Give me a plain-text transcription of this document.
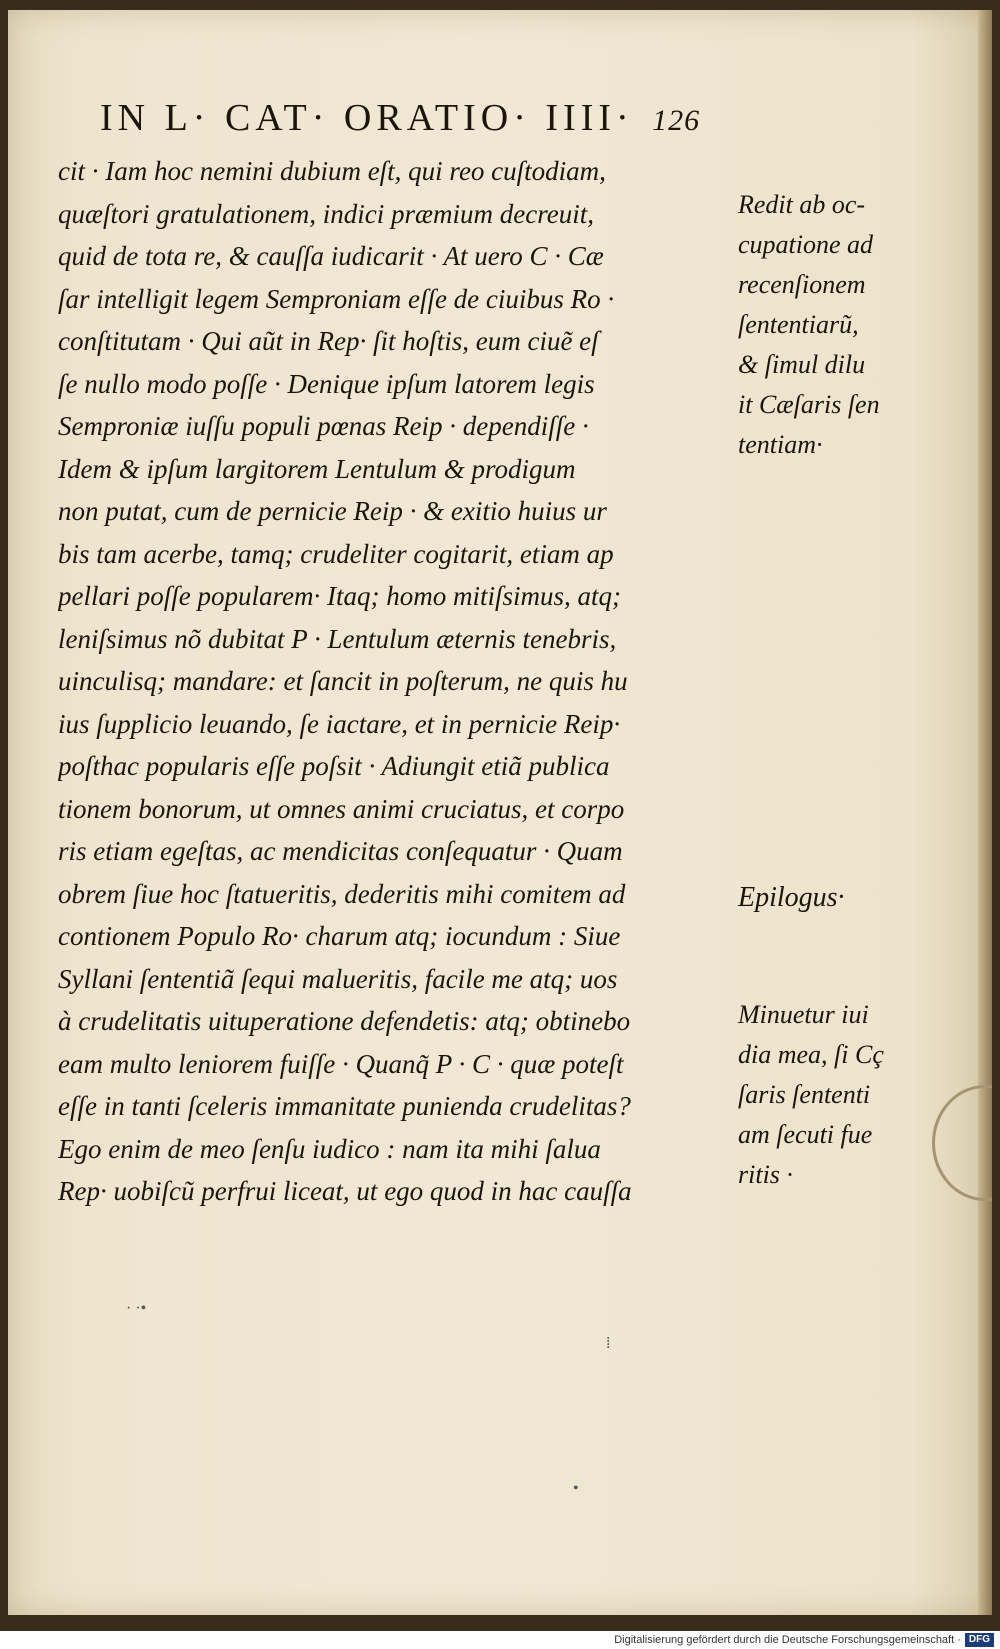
IN L· CAT· ORATIO· IIII· 126
cit · Iam hoc nemini dubium eſt, qui reo cuſtodiam,
quæſtori gratulationem, indici præmium decreuit,
quid de tota re, & cauſſa iudicarit · At uero C · Cæ
ſar intelligit legem Semproniam eſſe de ciuibus Ro ·
conſtitutam · Qui aũt in Rep· ſit hoſtis, eum ciuẽ eſ
ſe nullo modo poſſe · Denique ipſum latorem legis
Semproniæ iuſſu populi pœnas Reip · dependiſſe ·
Idem & ipſum largitorem Lentulum & prodigum
non putat, cum de pernicie Reip · & exitio huius ur
bis tam acerbe, tamq; crudeliter cogitarit, etiam ap
pellari poſſe popularem· Itaq; homo mitiſsimus, atq;
leniſsimus nõ dubitat P · Lentulum æternis tenebris,
uinculisq; mandare: et ſancit in poſterum, ne quis hu
ius ſupplicio leuando, ſe iactare, et in pernicie Reip·
poſthac popularis eſſe poſsit · Adiungit etiã publica
tionem bonorum, ut omnes animi cruciatus, et corpo
ris etiam egeſtas, ac mendicitas conſequatur · Quam
obrem ſiue hoc ſtatueritis, dederitis mihi comitem ad
contionem Populo Ro· charum atq; iocundum : Siue
Syllani ſententiã ſequi malueritis, facile me atq; uos
à crudelitatis uituperatione defendetis: atq; obtinebo
eam multo leniorem fuiſſe · Quanq̃ P · C · quæ poteſt
eſſe in tanti ſceleris immanitate punienda crudelitas?
Ego enim de meo ſenſu iudico : nam ita mihi ſalua
Rep· uobiſcũ perfrui liceat, ut ego quod in hac cauſſa
Redit ab oc-
cupatione ad
recenſionem
ſententiarũ,
& ſimul dilu
it Cæſaris ſen
tentiam·
Epilogus·
Minuetur iui
dia mea, ſi Cç
ſaris ſententi
am ſecuti fue
ritis ·
· ·•
⁞
•
Digitalisierung gefördert durch die Deutsche Forschungsgemeinschaft · DFG
